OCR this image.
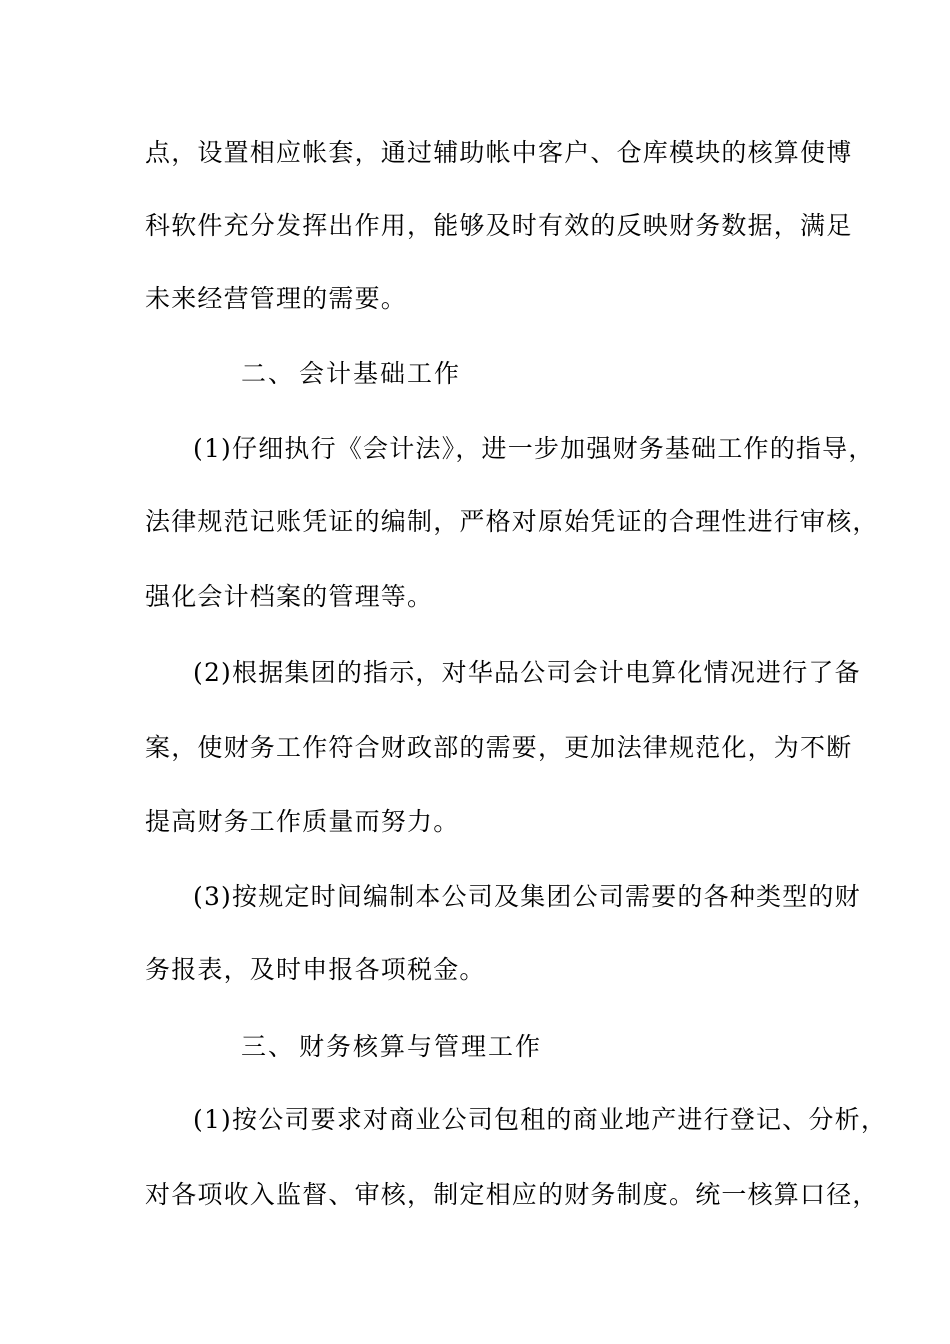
点，设置相应帐套，通过辅助帐中客户、仓库模块的核算使博
科软件充分发挥出作用，能够及时有效的反映财务数据，满足
未来经营管理的需要。
二、 会计基础工作
(1)仔细执行《会计法》，进一步加强财务基础工作的指导，
法律规范记账凭证的编制，严格对原始凭证的合理性进行审核，
强化会计档案的管理等。
(2)根据集团的指示，对华品公司会计电算化情况进行了备
案，使财务工作符合财政部的需要，更加法律规范化，为不断
提高财务工作质量而努力。
(3)按规定时间编制本公司及集团公司需要的各种类型的财
务报表，及时申报各项税金。
三、 财务核算与管理工作
(1)按公司要求对商业公司包租的商业地产进行登记、分析，
对各项收入监督、审核，制定相应的财务制度。统一核算口径，
